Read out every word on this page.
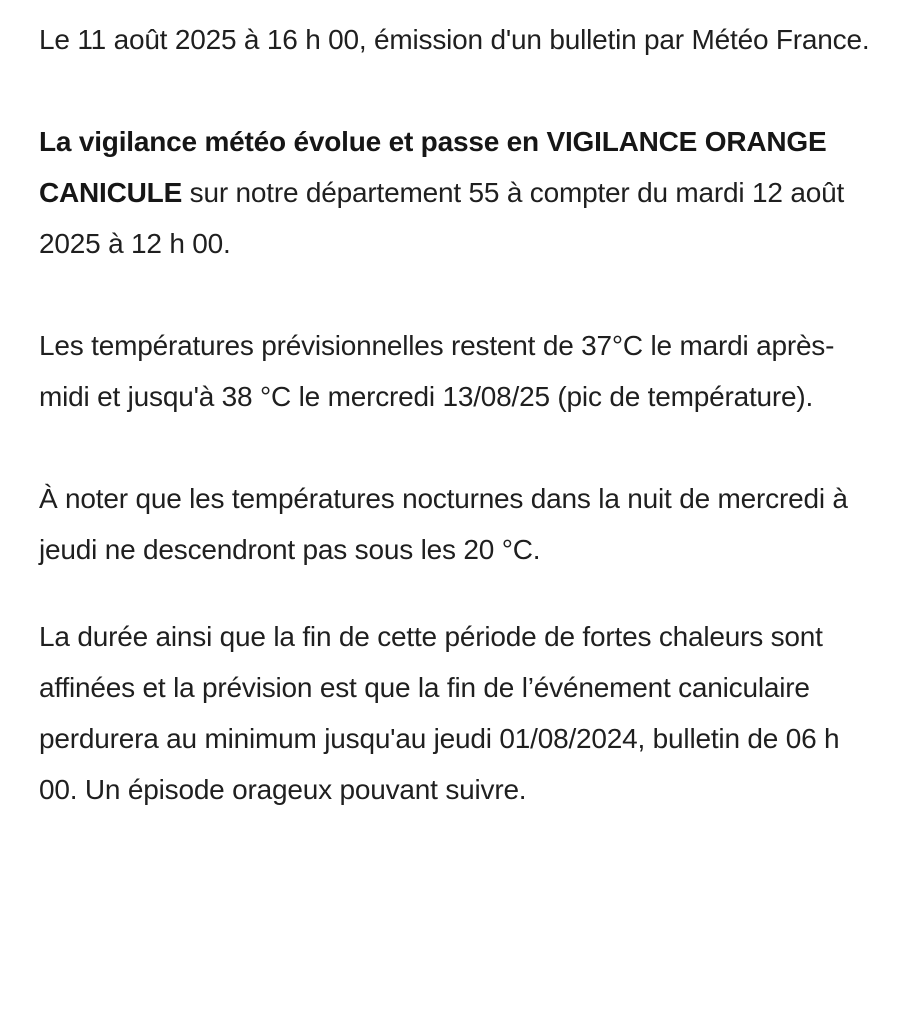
Le 11 août 2025 à 16 h 00, émission d'un bulletin par Météo France.

La vigilance météo évolue et passe en VIGILANCE ORANGE CANICULE sur notre département 55 à compter du mardi 12 août 2025 à 12 h 00.

Les températures prévisionnelles restent de 37°C le mardi après-midi et jusqu'à 38 °C le mercredi 13/08/25 (pic de température).

À noter que les températures nocturnes dans la nuit de mercredi à jeudi ne descendront pas sous les 20 °C.

La durée ainsi que la fin de cette période de fortes chaleurs sont affinées et la prévision est que la fin de l’événement caniculaire perdurera au minimum jusqu'au jeudi 01/08/2024, bulletin de 06 h 00. Un épisode orageux pouvant suivre.
